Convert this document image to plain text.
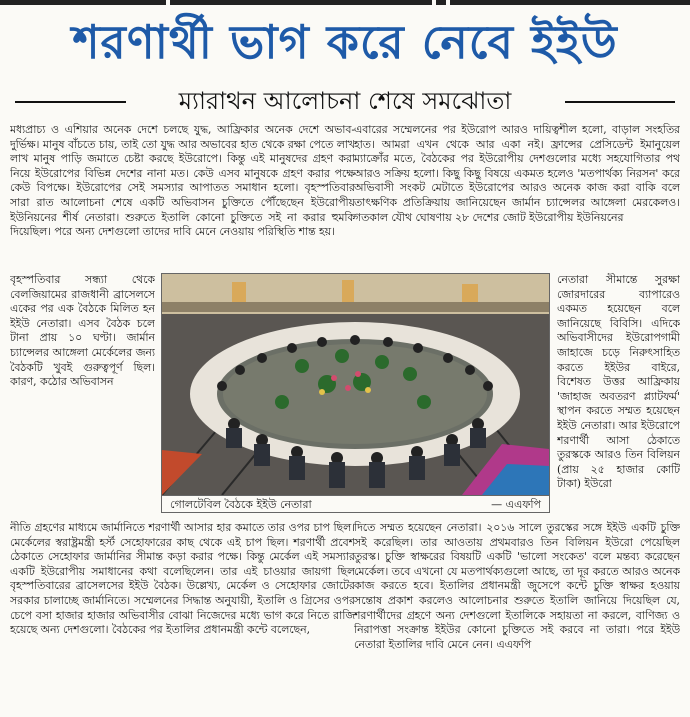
শরণার্থী ভাগ করে নেবে ইইউ
ম্যারাথন আলোচনা শেষে সমঝোতা

মধ্যপ্রাচ্য ও এশিয়ার অনেক দেশে চলছে যুদ্ধ, আফ্রিকার অনেক দেশে অভাব-দুর্ভিক্ষ। মানুষ বাঁচতে চায়, তাই তো যুদ্ধ আর অভাবের হাত থেকে রক্ষা পেতে লাখ লাখ মানুষ পাড়ি জমাতে চেষ্টা করছে ইউরোপে। কিন্তু এই মানুষদের গ্রহণ করা নিয়ে ইউরোপের বিভিন্ন দেশের নানা মত। কেউ এসব মানুষকে গ্রহণ করার পক্ষে কেউ বিপক্ষে। ইউরোপের সেই সমস্যার আপাতত সমাধান হলো। বৃহস্পতিবার সারা রাত আলোচনা শেষে একটি অভিবাসন চুক্তিতে পৌঁছেছেন ইউরোপীয় ইউনিয়নের শীর্ষ নেতারা। শুরুতে ইতালি কোনো চুক্তিতে সই না করার হুমকি দিয়েছিল। পরে অন্য দেশগুলো তাদের দাবি মেনে নেওয়ায় পরিস্থিতি শান্ত হয়।

বৃহস্পতিবার সন্ধ্যা থেকে বেলজিয়ামের রাজধানী ব্রাসেলসে একের পর এক বৈঠকে মিলিত হন ইইউ নেতারা। এসব বৈঠক চলে টানা প্রায় ১০ ঘণ্টা। জার্মান চ্যান্সেলর আঙ্গেলা মের্কেলের জন্য বৈঠকটি খুবই গুরুত্বপূর্ণ ছিল। কারণ, কঠোর অভিবাসন

নীতি গ্রহণের মাধ্যমে জার্মানিতে শরণার্থী আসার হার কমাতে তার ওপর চাপ ছিল। মের্কেলের স্বরাষ্ট্রমন্ত্রী হর্স্ট সেহোফারের কাছ থেকে এই চাপ ছিল। শরণার্থী প্রবেশ ঠেকাতে সেহোফার জার্মানির সীমান্ত কড়া করার পক্ষে। কিন্তু মের্কেল এই সমস্যার একটি ইউরোপীয় সমাধানের কথা বলেছিলেন। তার এই চাওয়ার জায়গা ছিল বৃহস্পতিবারের ব্রাসেলসের ইইউ বৈঠক। উল্লেখ্য, মের্কেল ও সেহোফার জোটের সরকার চালাচ্ছে জার্মানিতে। সম্মেলনের সিদ্ধান্ত অনুযায়ী, ইতালি ও গ্রিসের ওপর চেপে বসা হাজার হাজার অভিবাসীর বোঝা নিজেদের মধ্যে ভাগ করে নিতে রাজি হয়েছে অন্য দেশগুলো। বৈঠকের পর ইতালির প্রধানমন্ত্রী কন্টে বলেছেন,

এবারের সম্মেলনের পর ইউরোপ আরও দায়িত্বশীল হলো, বাড়াল সংহতির হাত। আমরা এখন থেকে আর একা নই। ফ্রান্সের প্রেসিডেন্ট ইমানুয়েল ম্যাক্রোঁর মতে, বৈঠকের পর ইউরোপীয় দেশগুলোর মধ্যে সহযোগিতার পথ আরও সক্রিয় হলো। কিছু কিছু বিষয়ে একমত হলেও 'মতপার্থক্য নিরসন' করে অভিবাসী সংকট মেটাতে ইউরোপের আরও অনেক কাজ করা বাকি বলে তাৎক্ষণিক প্রতিক্রিয়ায় জানিয়েছেন জার্মান চ্যান্সেলর আঙ্গেলা মেরকেলও। গতকাল যৌথ ঘোষণায় ২৮ দেশের জোট ইউরোপীয় ইউনিয়নের

নেতারা সীমান্তে সুরক্ষা জোরদারের ব্যাপারেও একমত হয়েছেন বলে জানিয়েছে বিবিসি। এদিকে অভিবাসীদের ইউরোপগামী জাহাজে চড়ে নিরুৎসাহিত করতে ইইউর বাইরে, বিশেষত উত্তর আফ্রিকায় 'জাহাজ অবতরণ প্ল্যাটফর্ম' স্থাপন করতে সম্মত হয়েছেন ইইউ নেতারা। আর ইউরোপে শরণার্থী আসা ঠেকাতে তুরস্ককে আরও তিন বিলিয়ন (প্রায় ২৫ হাজার কোটি টাকা) ইউরো

দিতে সম্মত হয়েছেন নেতারা। ২০১৬ সালে তুরস্কের সঙ্গে ইইউ একটি চুক্তি সই করেছিল। তার আওতায় প্রথমবারও তিন বিলিয়ন ইউরো পেয়েছিল তুরস্ক। চুক্তি স্বাক্ষরের বিষয়টি একটি 'ভালো সংকেত' বলে মন্তব্য করেছেন মের্কেল। তবে এখনো যে মতপার্থক্যগুলো আছে, তা দূর করতে আরও অনেক কাজ করতে হবে। ইতালির প্রধানমন্ত্রী জুসেপে কন্টে চুক্তি স্বাক্ষর হওয়ায় সন্তোষ প্রকাশ করলেও আলোচনার শুরুতে ইতালি জানিয়ে দিয়েছিল যে, শরণার্থীদের গ্রহণে অন্য দেশগুলো ইতালিকে সহায়তা না করলে, বাণিজ্য ও নিরাপত্তা সংক্রান্ত ইইউর কোনো চুক্তিতে সই করবে না তারা। পরে ইইউ নেতারা ইতালির দাবি মেনে নেন। এএফপি

গোলটেবিল বৈঠকে ইইউ নেতারা	— এএফপি
